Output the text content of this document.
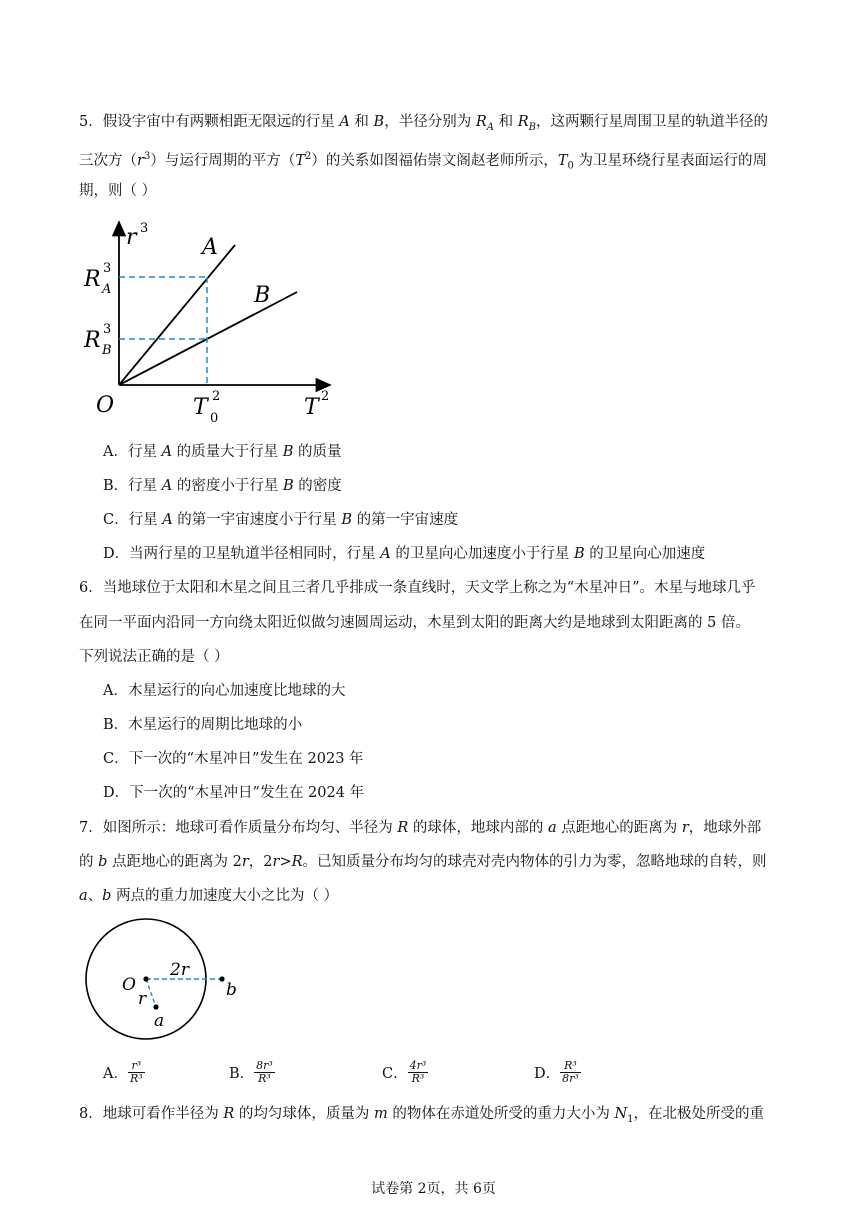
5．假设宇宙中有两颗相距无限远的行星 A 和 B，半径分别为 $R_A$ 和 $R_B$，这两颗行星周围卫星的轨道半径的
三次方$(r^3)$与运行周期的平方$(T^2)$的关系如图福佑崇文阁赵老师所示，$T_0$ 为卫星环绕行星表面运行的周
期，则（ ）
r 3
A
B
R 3
A
R 3
B
O	T 2
0	T 2
A．行星 A 的质量大于行星 B 的质量
B．行星 A 的密度小于行星 B 的密度
C．行星 A 的第一宇宙速度小于行星 B 的第一宇宙速度
D．当两行星的卫星轨道半径相同时，行星 A 的卫星向心加速度小于行星 B 的卫星向心加速度
6．当地球位于太阳和木星之间且三者几乎排成一条直线时，天文学上称之为“木星冲日”。木星与地球几乎
在同一平面内沿同一方向绕太阳近似做匀速圆周运动，木星到太阳的距离大约是地球到太阳距离的 5 倍。
下列说法正确的是（ ）
A．木星运行的向心加速度比地球的大
B．木星运行的周期比地球的小
C．下一次的“木星冲日”发生在 2023 年
D．下一次的“木星冲日”发生在 2024 年
7．如图所示：地球可看作质量分布均匀、半径为 R 的球体，地球内部的 a 点距地心的距离为 r，地球外部
的 b 点距地心的距离为 2r，2r>R。已知质量分布均匀的球壳对壳内物体的引力为零，忽略地球的自转，则
a、b 两点的重力加速度大小之比为（ ）
O
2r
r	b
a
A． $\frac{\text{r³}}{\text{R³}}$	B． $\frac{\text{8r³}}{\text{R³}}$	C． $\frac{\text{4r³}}{\text{R³}}$	D． $\frac{\text{R³}}{\text{8r³}}$
8．地球可看作半径为 R 的均匀球体，质量为 m 的物体在赤道处所受的重力大小为 $N_1$，在北极处所受的重
试卷第 2页，共 6页
